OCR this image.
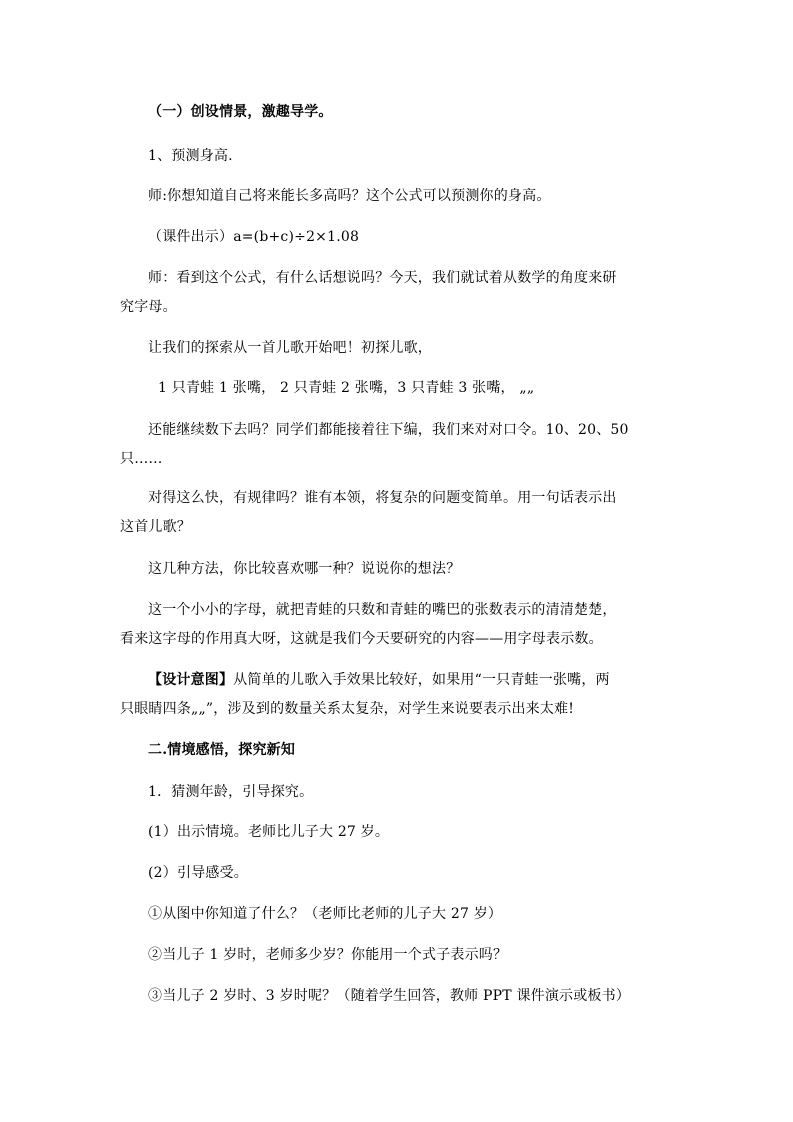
（一）创设情景，激趣导学。

1、预测身高.

师:你想知道自己将来能长多高吗？这个公式可以预测你的身高。

（课件出示）a=(b+c)÷2×1.08

师：看到这个公式，有什么话想说吗？今天，我们就试着从数学的角度来研

究字母。

让我们的探索从一首儿歌开始吧！初探儿歌，

1 只青蛙 1 张嘴， 2 只青蛙 2 张嘴，3 只青蛙 3 张嘴， „„

还能继续数下去吗？同学们都能接着往下编，我们来对对口令。10、20、50

只……

对得这么快，有规律吗？谁有本领，将复杂的问题变简单。用一句话表示出

这首儿歌？

这几种方法，你比较喜欢哪一种？说说你的想法？

这一个小小的字母，就把青蛙的只数和青蛙的嘴巴的张数表示的清清楚楚，

看来这字母的作用真大呀，这就是我们今天要研究的内容——用字母表示数。

【设计意图】从简单的儿歌入手效果比较好，如果用“一只青蛙一张嘴，两

只眼睛四条„„”，涉及到的数量关系太复杂，对学生来说要表示出来太难!

二.情境感悟，探究新知

1．猜测年龄，引导探究。

(1）出示情境。老师比儿子大 27 岁。

(2）引导感受。

①从图中你知道了什么？（老师比老师的儿子大 27 岁）

②当儿子 1 岁时，老师多少岁？你能用一个式子表示吗？

③当儿子 2 岁时、3 岁时呢？（随着学生回答，教师 PPT 课件演示或板书）
